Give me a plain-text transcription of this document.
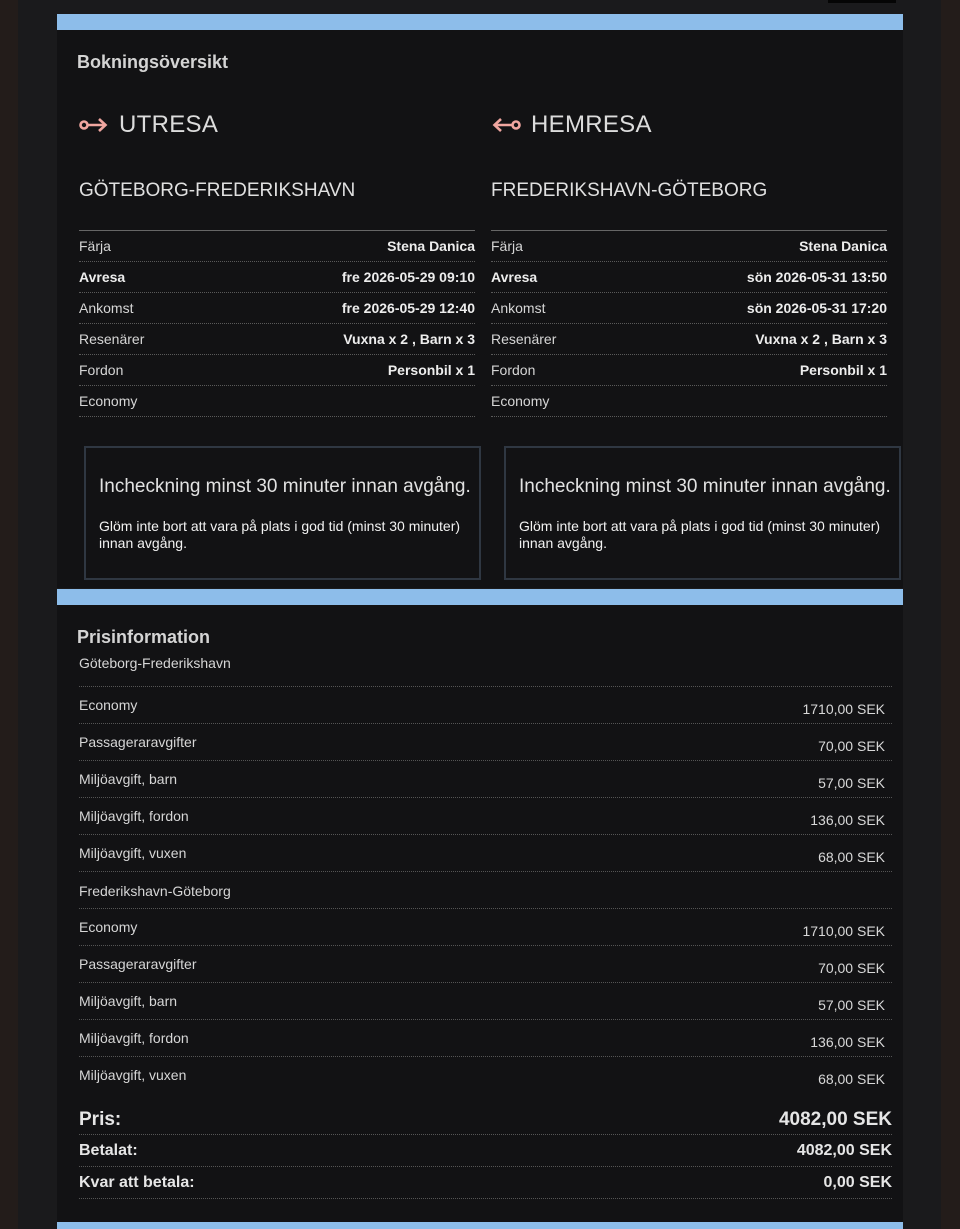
Bokningsöversikt
UTRESA
GÖTEBORG-FREDERIKSHAVN
Färja	Stena Danica
Avresa	fre 2026-05-29 09:10
Ankomst	fre 2026-05-29 12:40
Resenärer	Vuxna x 2 , Barn x 3
Fordon	Personbil x 1
Economy
HEMRESA
FREDERIKSHAVN-GÖTEBORG
Färja	Stena Danica
Avresa	sön 2026-05-31 13:50
Ankomst	sön 2026-05-31 17:20
Resenärer	Vuxna x 2 , Barn x 3
Fordon	Personbil x 1
Economy
Incheckning minst 30 minuter innan avgång.
Glöm inte bort att vara på plats i god tid (minst 30 minuter) innan avgång.
Incheckning minst 30 minuter innan avgång.
Glöm inte bort att vara på plats i god tid (minst 30 minuter) innan avgång.
Prisinformation
Göteborg-Frederikshavn
Economy	1710,00 SEK
Passageraravgifter	70,00 SEK
Miljöavgift, barn	57,00 SEK
Miljöavgift, fordon	136,00 SEK
Miljöavgift, vuxen	68,00 SEK
Frederikshavn-Göteborg
Economy	1710,00 SEK
Passageraravgifter	70,00 SEK
Miljöavgift, barn	57,00 SEK
Miljöavgift, fordon	136,00 SEK
Miljöavgift, vuxen	68,00 SEK
Pris:	4082,00 SEK
Betalat:	4082,00 SEK
Kvar att betala:	0,00 SEK
